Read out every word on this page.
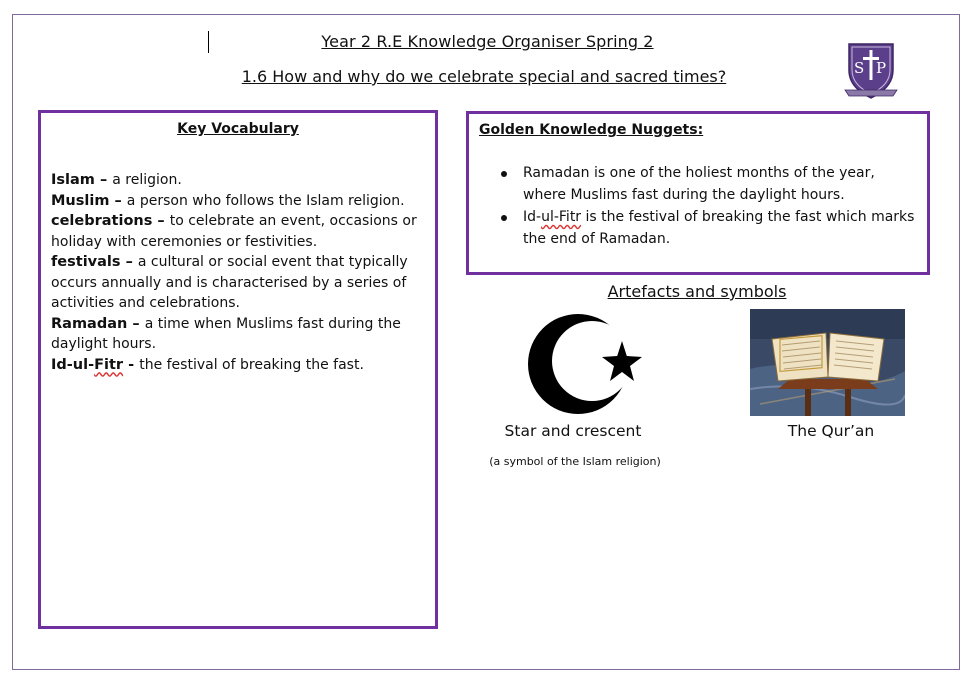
Year 2 R.E Knowledge Organiser Spring 2
1.6 How and why do we celebrate special and sacred times?	S P
Key Vocabulary
Islam – a religion.
Muslim – a person who follows the Islam religion.
celebrations – to celebrate an event, occasions or holiday with ceremonies or festivities.
festivals – a cultural or social event that typically occurs annually and is characterised by a series of activities and celebrations.
Ramadan – a time when Muslims fast during the daylight hours.
Id-ul-Fitr - the festival of breaking the fast.
Golden Knowledge Nuggets:
Ramadan is one of the holiest months of the year, where Muslims fast during the daylight hours.
Id-ul-Fitr is the festival of breaking the fast which marks the end of Ramadan.
Artefacts and symbols
Star and crescent
(a symbol of the Islam religion)
The Qur’an
